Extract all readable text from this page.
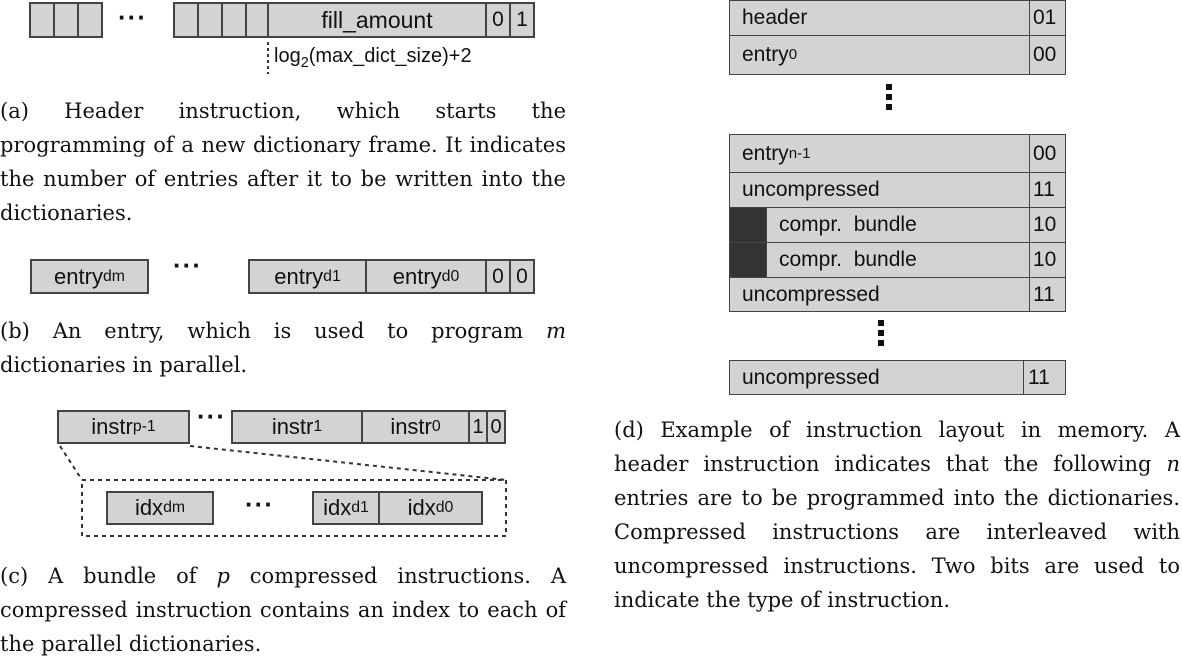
···	fill_amount	0 1
$\log_2(\max\_dict\_size)+2$

(a) Header instruction, which starts the programming of a new dictionary frame. It indicates the number of entries after it to be written into the dictionaries.

entry dm ···	entry d1 entry d0	0 0

(b) An entry, which is used to program m dictionaries in parallel.

instr p-1 ··· instr 1	instr 0 1 0
idx dm ··· idx d1 idx d0

(c) A bundle of p compressed instructions. A compressed instruction contains an index to each of the parallel dictionaries.

header	01
entry 0	00
entry n-1	00
uncompressed	11
compr.  bundle	10
compr.  bundle	10
uncompressed	11
uncompressed	11

(d) Example of instruction layout in memory. A header instruction indicates that the following n entries are to be programmed into the dictionaries. Compressed instructions are interleaved with uncompressed instructions. Two bits are used to indicate the type of instruction.
